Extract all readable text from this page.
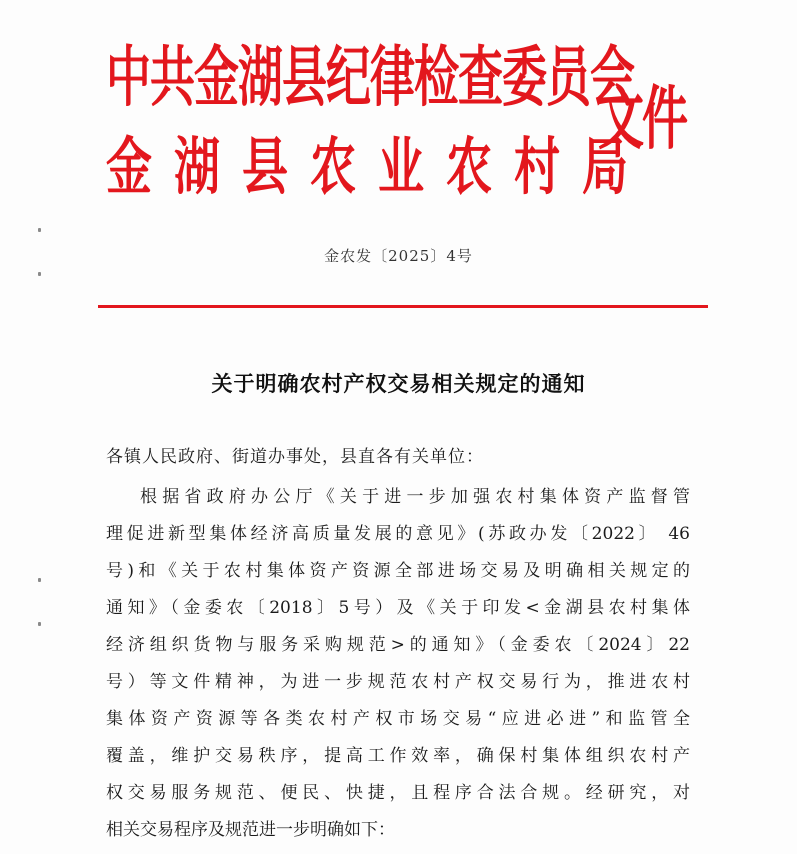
中共金湖县纪律检查委员会
金湖县农业农村局
文件
金农发〔2025〕4号
关于明确农村产权交易相关规定的通知
各镇人民政府、街道办事处，县直各有关单位：
根据省政府办公厅《关于进一步加强农村集体资产监督管
理促进新型集体经济高质量发展的意见》(苏政办发〔2022〕 46
号)和《关于农村集体资产资源全部进场交易及明确相关规定的
通知》（金委农〔2018〕5号）及《关于印发<金湖县农村集体
经济组织货物与服务采购规范>的通知》（金委农〔2024〕22
号）等文件精神，为进一步规范农村产权交易行为，推进农村
集体资产资源等各类农村产权市场交易“应进必进”和监管全
覆盖，维护交易秩序，提高工作效率，确保村集体组织农村产
权交易服务规范、便民、快捷，且程序合法合规。经研究，对
相关交易程序及规范进一步明确如下：
